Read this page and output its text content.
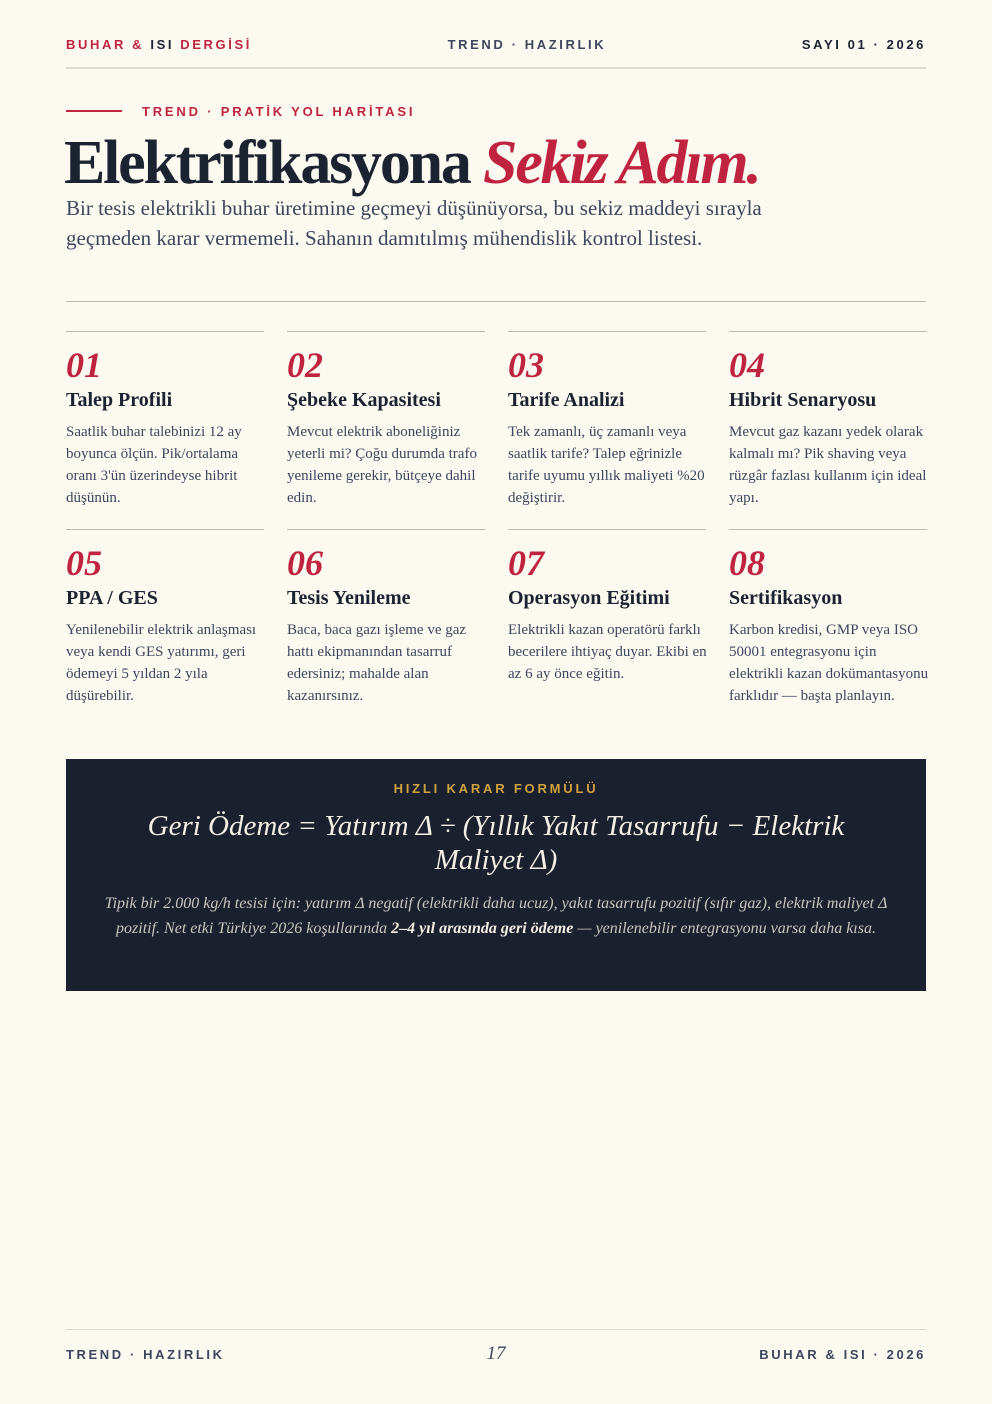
BUHAR & ISI DERGİSİ	TREND · HAZIRLIK	SAYI 01 · 2026
TREND · PRATİK YOL HARİTASI
Elektrifikasyona Sekiz Adım.

Bir tesis elektrikli buhar üretimine geçmeyi düşünüyorsa, bu sekiz maddeyi sırayla geçmeden karar vermemeli. Sahanın damıtılmış mühendislik kontrol listesi.

01
Talep Profili
Saatlik buhar talebinizi 12 ay boyunca ölçün. Pik/ortalama oranı 3'ün üzerindeyse hibrit düşünün.
02
Şebeke Kapasitesi
Mevcut elektrik aboneliğiniz yeterli mi? Çoğu durumda trafo yenileme gerekir, bütçeye dahil edin.
03
Tarife Analizi
Tek zamanlı, üç zamanlı veya saatlik tarife? Talep eğrinizle tarife uyumu yıllık maliyeti %20 değiştirir.
04
Hibrit Senaryosu
Mevcut gaz kazanı yedek olarak kalmalı mı? Pik shaving veya rüzgâr fazlası kullanım için ideal yapı.
05
PPA / GES
Yenilenebilir elektrik anlaşması veya kendi GES yatırımı, geri ödemeyi 5 yıldan 2 yıla düşürebilir.
06
Tesis Yenileme
Baca, baca gazı işleme ve gaz hattı ekipmanından tasarruf edersiniz; mahalde alan kazanırsınız.
07
Operasyon Eğitimi
Elektrikli kazan operatörü farklı becerilere ihtiyaç duyar. Ekibi en az 6 ay önce eğitin.
08
Sertifikasyon
Karbon kredisi, GMP veya ISO 50001 entegrasyonu için elektrikli kazan dokümantasyonu farklıdır — başta planlayın.
HIZLI KARAR FORMÜLÜ
Geri Ödeme = Yatırım Δ ÷ (Yıllık Yakıt Tasarrufu − Elektrik Maliyet Δ)

Tipik bir 2.000 kg/h tesisi için: yatırım Δ negatif (elektrikli daha ucuz), yakıt tasarrufu pozitif (sıfır gaz), elektrik maliyet Δ pozitif. Net etki Türkiye 2026 koşullarında 2–4 yıl arasında geri ödeme — yenilenebilir entegrasyonu varsa daha kısa.

TREND · HAZIRLIK	17	BUHAR & ISI · 2026
